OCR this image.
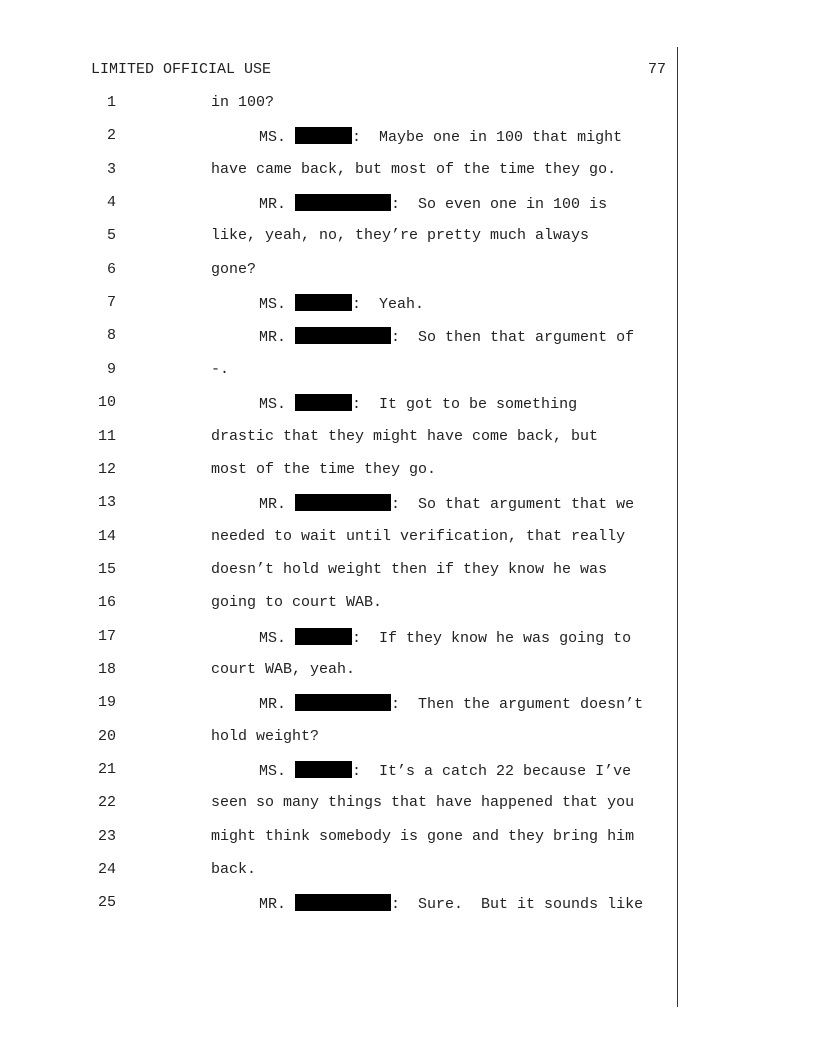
LIMITED OFFICIAL USE	77
1	in 100?
2	MS.	:  Maybe one in 100 that might
3	have came back, but most of the time they go.
4	MR.	:  So even one in 100 is
5	like, yeah, no, they’re pretty much always
6	gone?
7	MS.	:  Yeah.
8	MR.	:  So then that argument of
9	-.
10	MS.	:  It got to be something
11	drastic that they might have come back, but
12	most of the time they go.
13	MR.	:  So that argument that we
14	needed to wait until verification, that really
15	doesn’t hold weight then if they know he was
16	going to court WAB.
17	MS.	:  If they know he was going to
18	court WAB, yeah.
19	MR.	:  Then the argument doesn’t
20	hold weight?
21	MS.	:  It’s a catch 22 because I’ve
22	seen so many things that have happened that you
23	might think somebody is gone and they bring him
24	back.
25	MR.	:  Sure.  But it sounds like
